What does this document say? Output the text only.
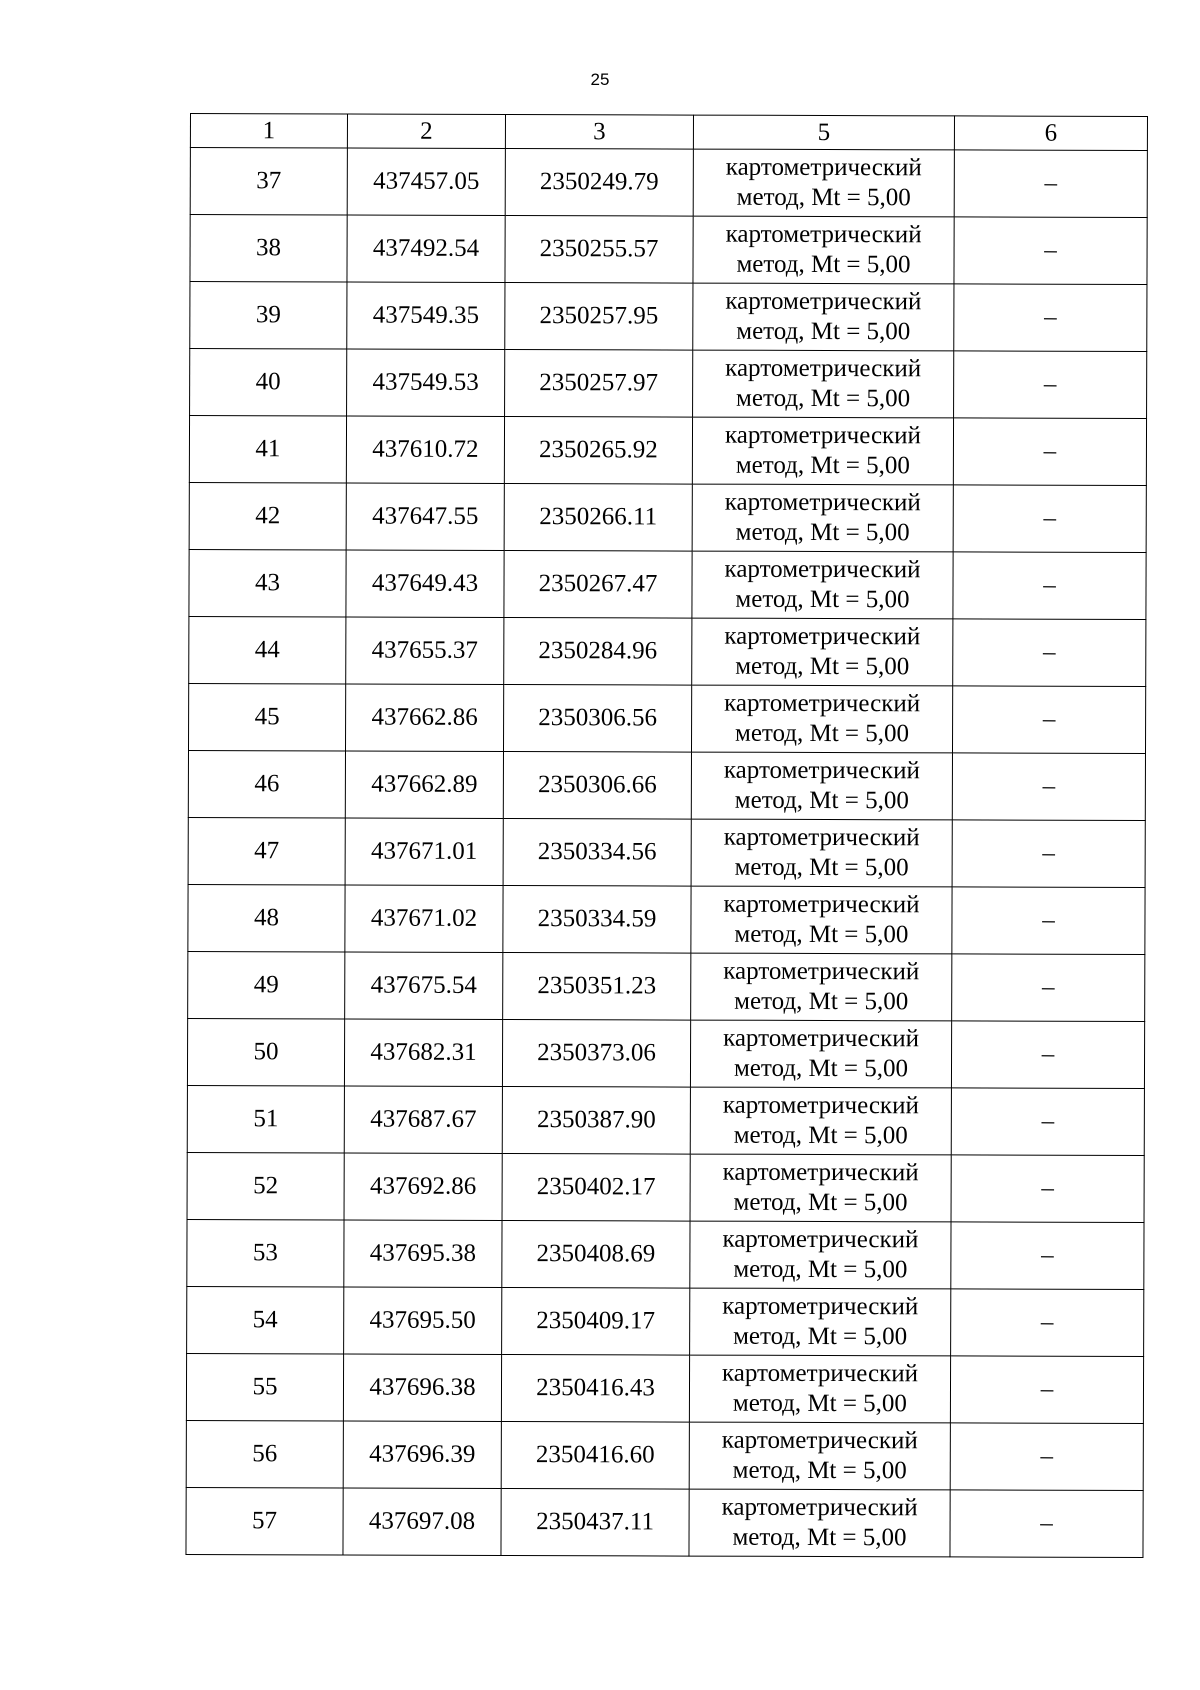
25
1	2	3	5	6
37	437457.05	2350249.79	картометрический метод, Mt = 5,00	–
38	437492.54	2350255.57	картометрический метод, Mt = 5,00	–
39	437549.35	2350257.95	картометрический метод, Mt = 5,00	–
40	437549.53	2350257.97	картометрический метод, Mt = 5,00	–
41	437610.72	2350265.92	картометрический метод, Mt = 5,00	–
42	437647.55	2350266.11	картометрический метод, Mt = 5,00	–
43	437649.43	2350267.47	картометрический метод, Mt = 5,00	–
44	437655.37	2350284.96	картометрический метод, Mt = 5,00	–
45	437662.86	2350306.56	картометрический метод, Mt = 5,00	–
46	437662.89	2350306.66	картометрический метод, Mt = 5,00	–
47	437671.01	2350334.56	картометрический метод, Mt = 5,00	–
48	437671.02	2350334.59	картометрический метод, Mt = 5,00	–
49	437675.54	2350351.23	картометрический метод, Mt = 5,00	–
50	437682.31	2350373.06	картометрический метод, Mt = 5,00	–
51	437687.67	2350387.90	картометрический метод, Mt = 5,00	–
52	437692.86	2350402.17	картометрический метод, Mt = 5,00	–
53	437695.38	2350408.69	картометрический метод, Mt = 5,00	–
54	437695.50	2350409.17	картометрический метод, Mt = 5,00	–
55	437696.38	2350416.43	картометрический метод, Mt = 5,00	–
56	437696.39	2350416.60	картометрический метод, Mt = 5,00	–
57	437697.08	2350437.11	картометрический метод, Mt = 5,00	–
